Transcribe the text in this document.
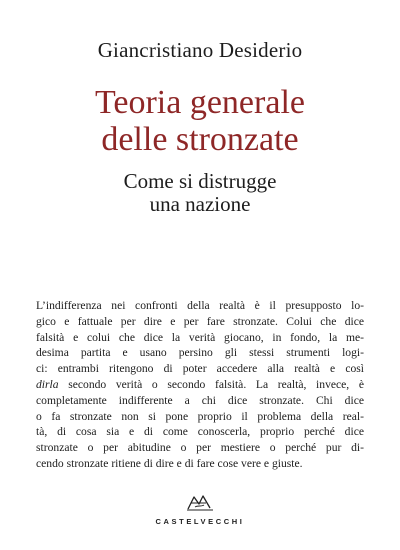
Giancristiano Desiderio
Teoria generale
delle stronzate
Come si distrugge
una nazione
L’indifferenza nei confronti della realtà è il presupposto lo-
gico e fattuale per dire e per fare stronzate. Colui che dice
falsità e colui che dice la verità giocano, in fondo, la me-
desima partita e usano persino gli stessi strumenti logi-
ci: entrambi ritengono di poter accedere alla realtà e così
dirla secondo verità o secondo falsità. La realtà, invece, è
completamente indifferente a chi dice stronzate. Chi dice
o fa stronzate non si pone proprio il problema della real-
tà, di cosa sia e di come conoscerla, proprio perché dice
stronzate o per abitudine o per mestiere o perché pur di-
cendo stronzate ritiene di dire e di fare cose vere e giuste.
CASTELVECCHI
